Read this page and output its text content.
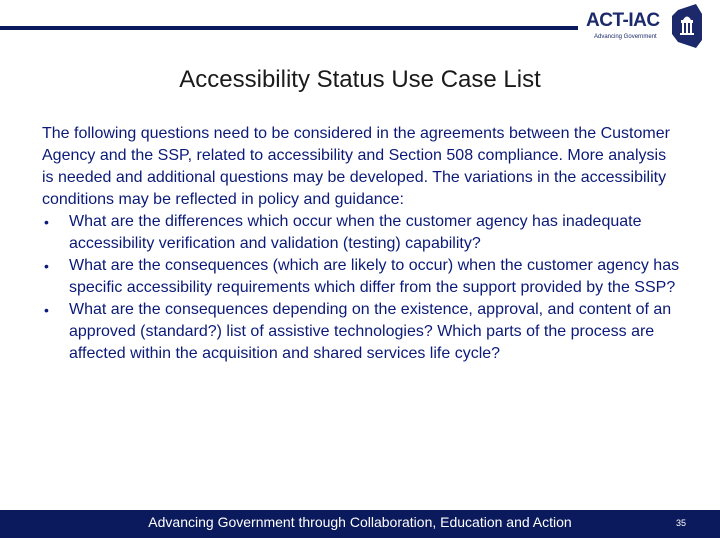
ACT-IAC
Advancing Government
Accessibility Status Use Case List

The following questions need to be considered in the agreements between the Customer Agency and the SSP, related to accessibility and Section 508 compliance. More analysis is needed and additional questions may be developed. The variations in the accessibility conditions may be reflected in policy and guidance:

• What are the differences which occur when the customer agency has inadequate accessibility verification and validation (testing) capability?
• What are the consequences (which are likely to occur) when the customer agency has specific accessibility requirements which differ from the support provided by the SSP?
• What are the consequences depending on the existence, approval, and content of an approved (standard?) list of assistive technologies? Which parts of the process are affected within the acquisition and shared services life cycle?
Advancing Government through Collaboration, Education and Action	35
